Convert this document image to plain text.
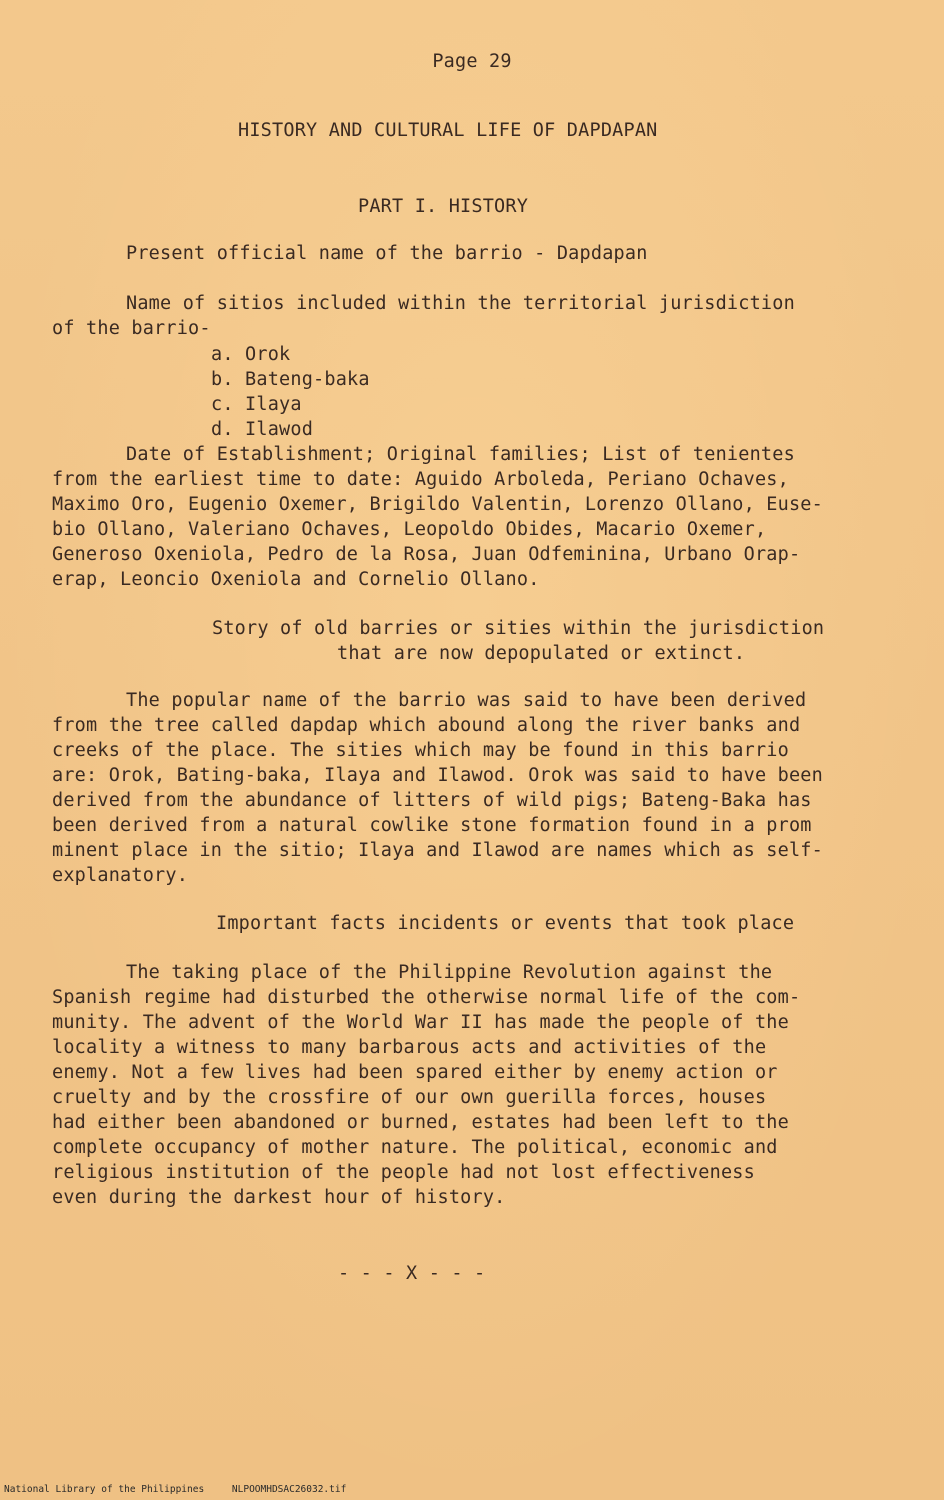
Page 29
HISTORY AND CULTURAL LIFE OF DAPDAPAN
PART I. HISTORY
Present official name of the barrio - Dapdapan
Name of sitios included within the territorial jurisdiction
of the barrio-
a. Orok
b. Bateng-baka
c. Ilaya
d. Ilawod
Date of Establishment; Original families; List of tenientes
from the earliest time to date: Aguido Arboleda, Periano Ochaves,
Maximo Oro, Eugenio Oxemer, Brigildo Valentin, Lorenzo Ollano, Euse-
bio Ollano, Valeriano Ochaves, Leopoldo Obides, Macario Oxemer,
Generoso Oxeniola, Pedro de la Rosa, Juan Odfeminina, Urbano Orap-
erap, Leoncio Oxeniola and Cornelio Ollano.
Story of old barries or sities within the jurisdiction
that are now depopulated or extinct.
The popular name of the barrio was said to have been derived
from the tree called dapdap which abound along the river banks and
creeks of the place. The sities which may be found in this barrio
are: Orok, Bating-baka, Ilaya and Ilawod. Orok was said to have been
derived from the abundance of litters of wild pigs; Bateng-Baka has
been derived from a natural cowlike stone formation found in a prom
minent place in the sitio; Ilaya and Ilawod are names which as self-
explanatory.
Important facts incidents or events that took place
The taking place of the Philippine Revolution against the
Spanish regime had disturbed the otherwise normal life of the com-
munity. The advent of the World War II has made the people of the
locality a witness to many barbarous acts and activities of the
enemy. Not a few lives had been spared either by enemy action or
cruelty and by the crossfire of our own guerilla forces, houses
had either been abandoned or burned, estates had been left to the
complete occupancy of mother nature. The political, economic and
religious institution of the people had not lost effectiveness
even during the darkest hour of history.
- - - X - - -
National Library of the Philippines	NLPOOMHDSAC26032.tif
